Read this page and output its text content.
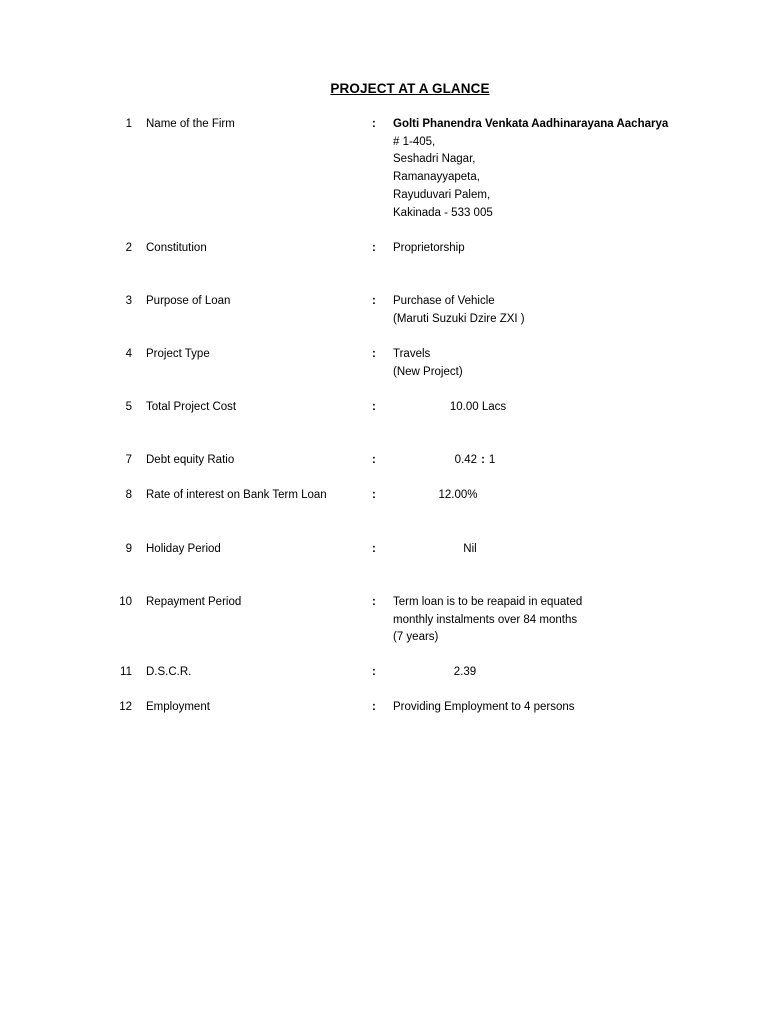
PROJECT AT A GLANCE
1 Name of the Firm	: Golti Phanendra Venkata Aadhinarayana Aacharya
# 1-405,
Seshadri Nagar,
Ramanayyapeta,
Rayuduvari Palem,
Kakinada - 533 005
2 Constitution	: Proprietorship
3 Purpose of Loan	: Purchase of Vehicle
(Maruti Suzuki Dzire ZXI )
4 Project Type	: Travels
(New Project)
5 Total Project Cost	:	10.00 Lacs
7 Debt equity Ratio	:	0.42 : 1
8 Rate of interest on Bank Term Loan	:	12.00%
9 Holiday Period	:	Nil
10 Repayment Period	: Term loan is to be reapaid in equated
monthly instalments over 84 months
(7 years)
11 D.S.C.R.	:	2.39
12 Employment	: Providing Employment to 4 persons
